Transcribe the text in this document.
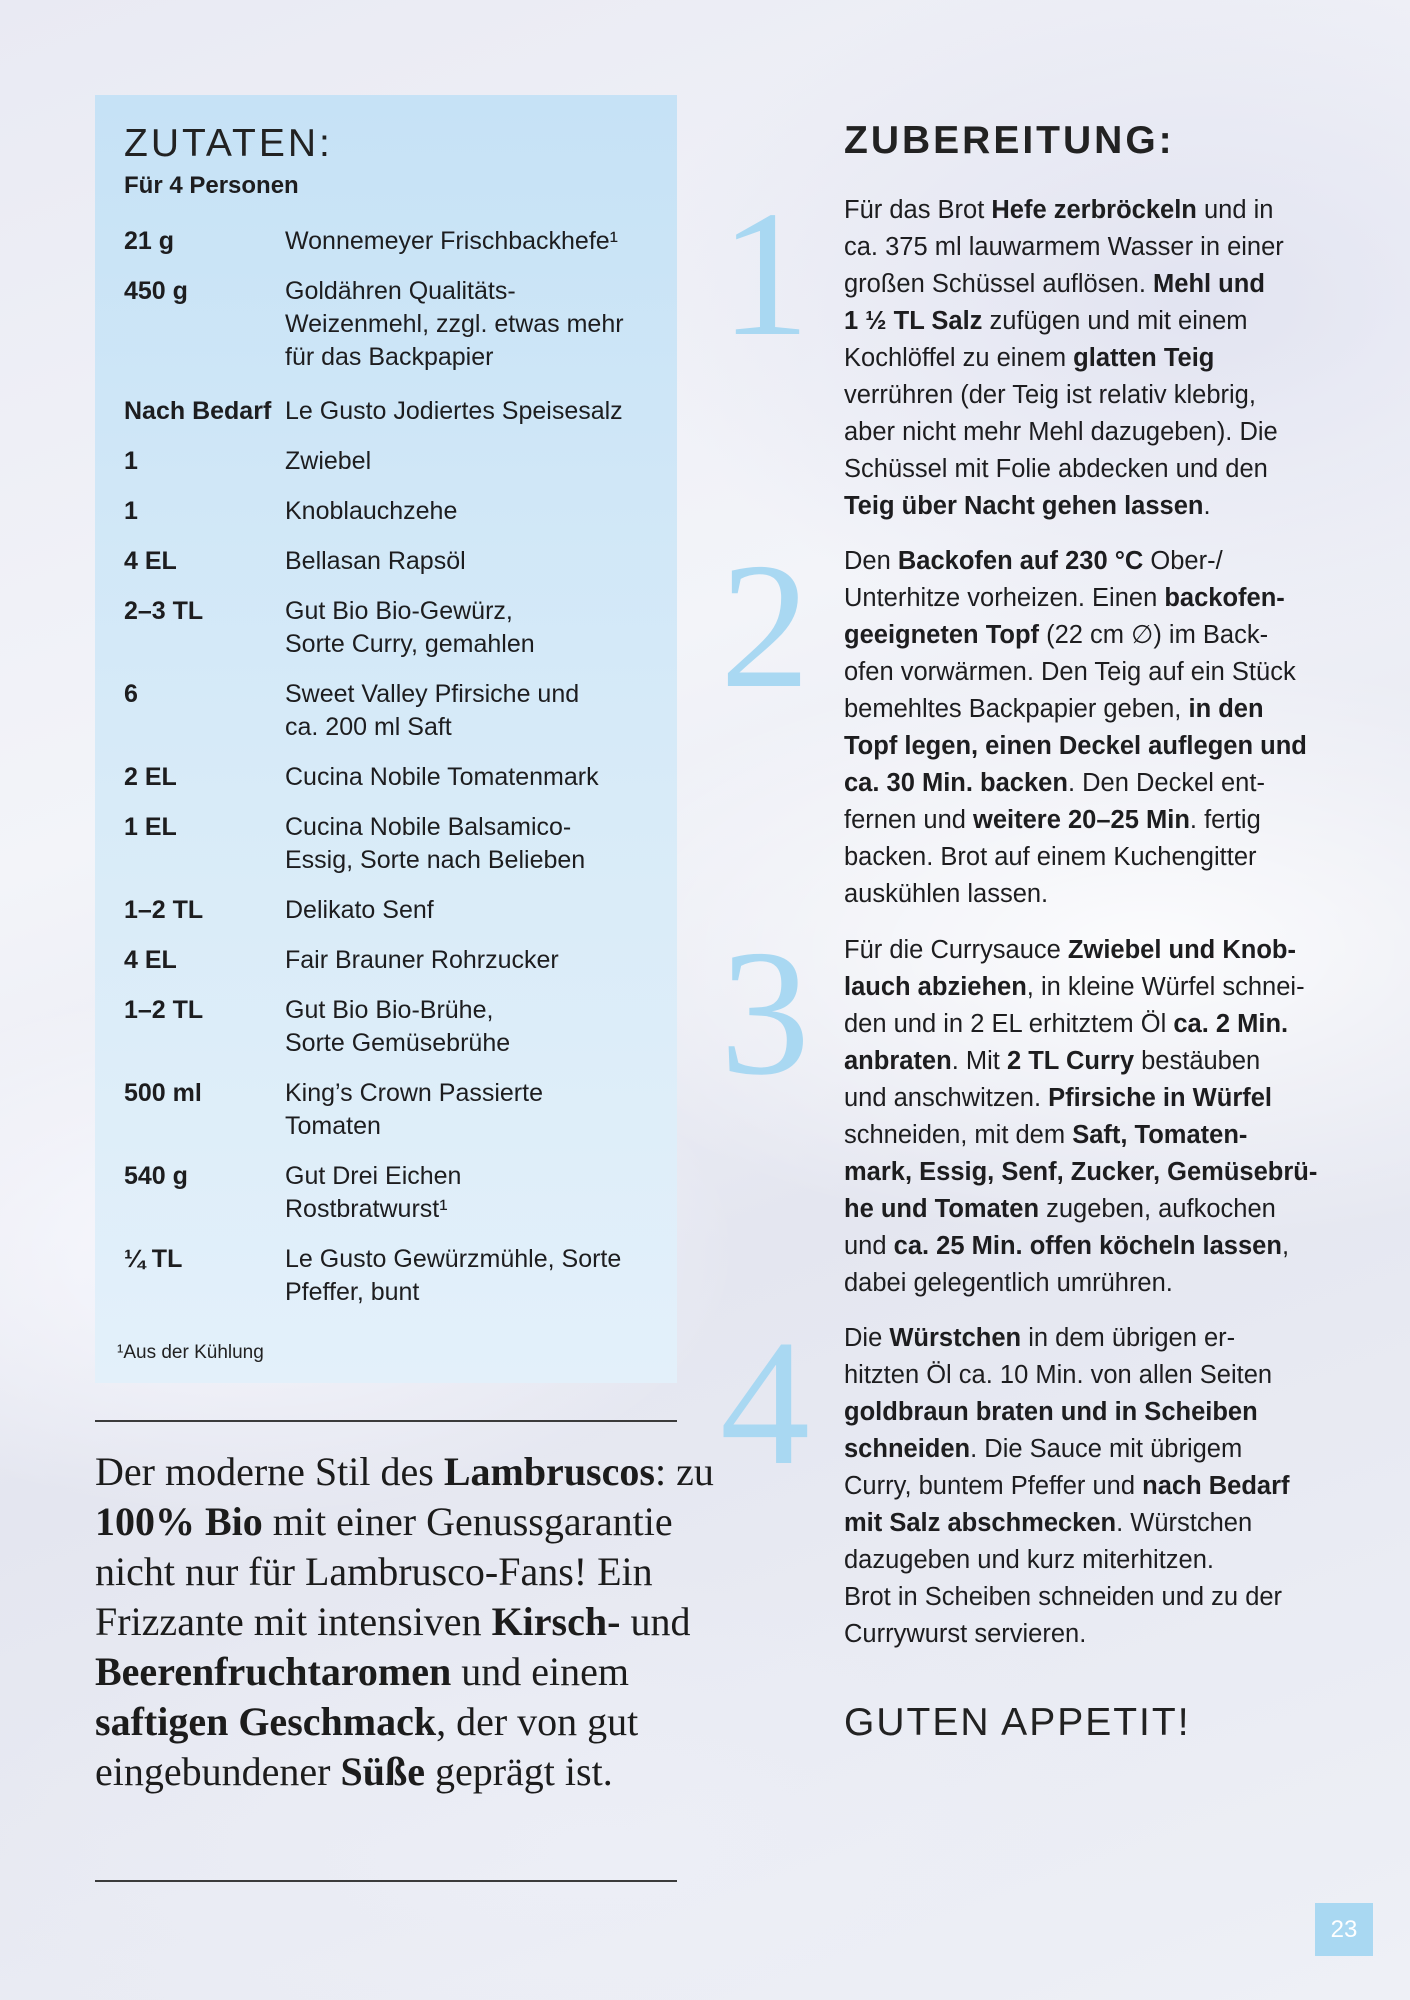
ZUTATEN:
Für 4 Personen
21 g	Wonnemeyer Frischbackhefe¹
450 g	Goldähren Qualitäts-
Weizenmehl, zzgl. etwas mehr
für das Backpapier
Nach Bedarf Le Gusto Jodiertes Speisesalz
1	Zwiebel
1	Knoblauchzehe
4 EL	Bellasan Rapsöl
2–3 TL	Gut Bio Bio-Gewürz,
Sorte Curry, gemahlen
6	Sweet Valley Pfirsiche und
ca. 200 ml Saft
2 EL	Cucina Nobile Tomatenmark
1 EL	Cucina Nobile Balsamico-
Essig, Sorte nach Belieben
1–2 TL	Delikato Senf
4 EL	Fair Brauner Rohrzucker
1–2 TL	Gut Bio Bio-Brühe,
Sorte Gemüsebrühe
500 ml	King’s Crown Passierte
Tomaten
540 g	Gut Drei Eichen
Rostbratwurst¹
¼ TL	Le Gusto Gewürzmühle, Sorte
Pfeffer, bunt
¹Aus der Kühlung
Der moderne Stil des Lambruscos: zu 100% Bio mit einer Genussgarantie nicht nur für Lambrusco-Fans! Ein Frizzante mit intensiven Kirsch- und Beerenfruchtaromen und einem saftigen Geschmack, der von gut eingebundener Süße geprägt ist.
ZUBEREITUNG:
1 Für das Brot Hefe zerbröckeln und in
ca. 375 ml lauwarmem Wasser in einer
großen Schüssel auflösen. Mehl und
1 ½ TL Salz zufügen und mit einem
Kochlöffel zu einem glatten Teig
verrühren (der Teig ist relativ klebrig,
aber nicht mehr Mehl dazugeben). Die
Schüssel mit Folie abdecken und den
Teig über Nacht gehen lassen.
2 Den Backofen auf 230 °C Ober-/
Unterhitze vorheizen. Einen backofen-
geeigneten Topf (22 cm ∅) im Back-
ofen vorwärmen. Den Teig auf ein Stück
bemehltes Backpapier geben, in den
Topf legen, einen Deckel auflegen und
ca. 30 Min. backen. Den Deckel ent-
fernen und weitere 20–25 Min. fertig
backen. Brot auf einem Kuchengitter
auskühlen lassen.
3 Für die Currysauce Zwiebel und Knob-
lauch abziehen, in kleine Würfel schnei-
den und in 2 EL erhitztem Öl ca. 2 Min.
anbraten. Mit 2 TL Curry bestäuben
und anschwitzen. Pfirsiche in Würfel
schneiden, mit dem Saft, Tomaten-
mark, Essig, Senf, Zucker, Gemüsebrü-
he und Tomaten zugeben, aufkochen
und ca. 25 Min. offen köcheln lassen,
dabei gelegentlich umrühren.
4 Die Würstchen in dem übrigen er-
hitzten Öl ca. 10 Min. von allen Seiten
goldbraun braten und in Scheiben
schneiden. Die Sauce mit übrigem
Curry, buntem Pfeffer und nach Bedarf
mit Salz abschmecken. Würstchen
dazugeben und kurz miterhitzen.
Brot in Scheiben schneiden und zu der
Currywurst servieren.
GUTEN APPETIT!
23
